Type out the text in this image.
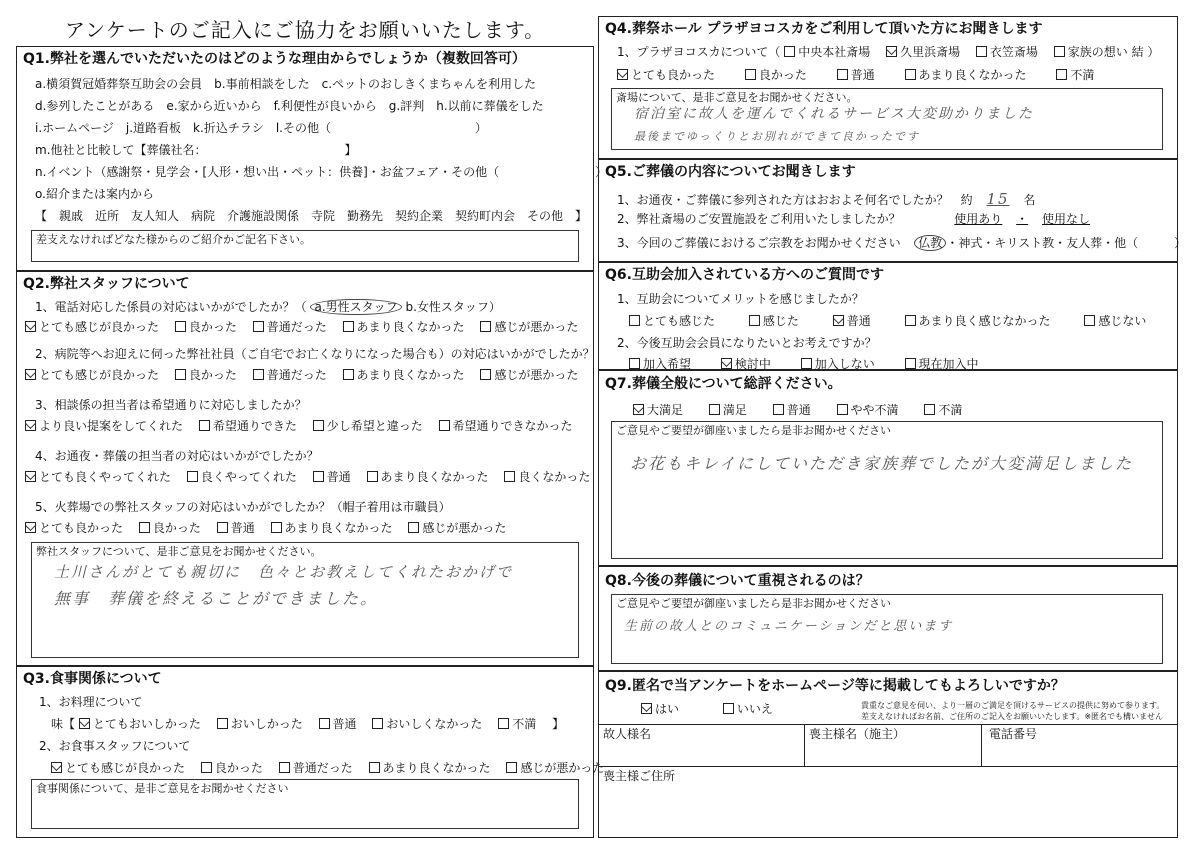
アンケートのご記入にご協力をお願いいたします。
Q1.弊社を選んでいただいたのはどのような理由からでしょうか（複数回答可）
a.横須賀冠婚葬祭互助会の会員　b.事前相談をした　c.ペットのおしきくまちゃんを利用した
d.参列したことがある　e.家から近いから　f.利便性が良いから　g.評判　h.以前に葬儀をした
i.ホームページ　j.道路看板　k.折込チラシ　l.その他（　　　　　　　　　　　　）
m.他社と比較して【葬儀社名：　　　　　　　　　　　　】
n.イベント（感謝祭・見学会・[人形・想い出・ペット：供養]・お盆フェア・その他（　　　　　　　　）
o.紹介または案内から
【　親戚　近所　友人知人　病院　介護施設関係　寺院　勤務先　契約企業　契約町内会　その他　】
差支えなければどなた様からのご紹介かご記名下さい。
Q2.弊社スタッフについて
1、電話対応した係員の対応はいかがでしたか？（ a.男性スタッフ b.女性スタッフ）
とても感じが良かった 良かった 普通だった あまり良くなかった 感じが悪かった
2、病院等へお迎えに伺った弊社社員（ご自宅でお亡くなりになった場合も）の対応はいかがでしたか？
とても感じが良かった 良かった 普通だった あまり良くなかった 感じが悪かった
3、相談係の担当者は希望通りに対応しましたか？
より良い提案をしてくれた 希望通りできた 少し希望と違った 希望通りできなかった
4、お通夜・葬儀の担当者の対応はいかがでしたか？
とても良くやってくれた 良くやってくれた 普通 あまり良くなかった 良くなかった
5、火葬場での弊社スタッフの対応はいかがでしたか？（帽子着用は市職員）
とても良かった 良かった 普通 あまり良くなかった 感じが悪かった
弊社スタッフについて、是非ご意見をお聞かせください。
土川さんがとても親切に　色々とお教えしてくれたおかげで
無事　葬儀を終えることができました。
Q3.食事関係について
1、お料理について
味【 とてもおいしかった おいしかった 普通 おいしくなかった 不満 】
2、お食事スタッフについて
とても感じが良かった 良かった 普通だった あまり良くなかった 感じが悪かった
食事関係について、是非ご意見をお聞かせください
Q4.葬祭ホール プラザヨコスカをご利用して頂いた方にお聞きします
1、プラザヨコスカについて（ 中央本社斎場 久里浜斎場 衣笠斎場 家族の想い 結 ）
とても良かった	良かった	普通	あまり良くなかった	不満
斎場について、是非ご意見をお聞かせください。
宿泊室に故人を運んでくれるサービス大変助かりました
最後までゆっくりとお別れができて良かったです
Q5.ご葬儀の内容についてお聞きします
1、お通夜・ご葬儀に参列された方はおおよそ何名でしたか？　約 15 名
2、弊社斎場のご安置施設をご利用いたしましたか？	使用あり ・ 使用なし
3、今回のご葬儀におけるご宗教をお聞かせください 仏教 ・神式・キリスト教・友人葬・他（　　　）
Q6.互助会加入されている方へのご質問です
1、互助会についてメリットを感じましたか？
とても感じた	感じた	普通	あまり良く感じなかった	感じない
2、今後互助会会員になりたいとお考えですか？
加入希望	検討中	加入しない	現在加入中
Q7.葬儀全般について総評ください。
大満足	満足	普通	やや不満	不満
ご意見やご要望が御座いましたら是非お聞かせください
お花もキレイにしていただき家族葬でしたが大変満足しました
Q8.今後の葬儀について重視されるのは？
ご意見やご要望が御座いましたら是非お聞かせください
生前の故人とのコミュニケーションだと思います
Q9.匿名で当アンケートをホームページ等に掲載してもよろしいですか？
はい	いいえ	貴重なご意見を伺い、より一層のご満足を頂けるサービスの提供に努めて参ります。
差支えなければお名前、ご住所のご記入をお願いいたします。※匿名でも構いません
故人様名	喪主様名（施主）	電話番号
喪主様ご住所
